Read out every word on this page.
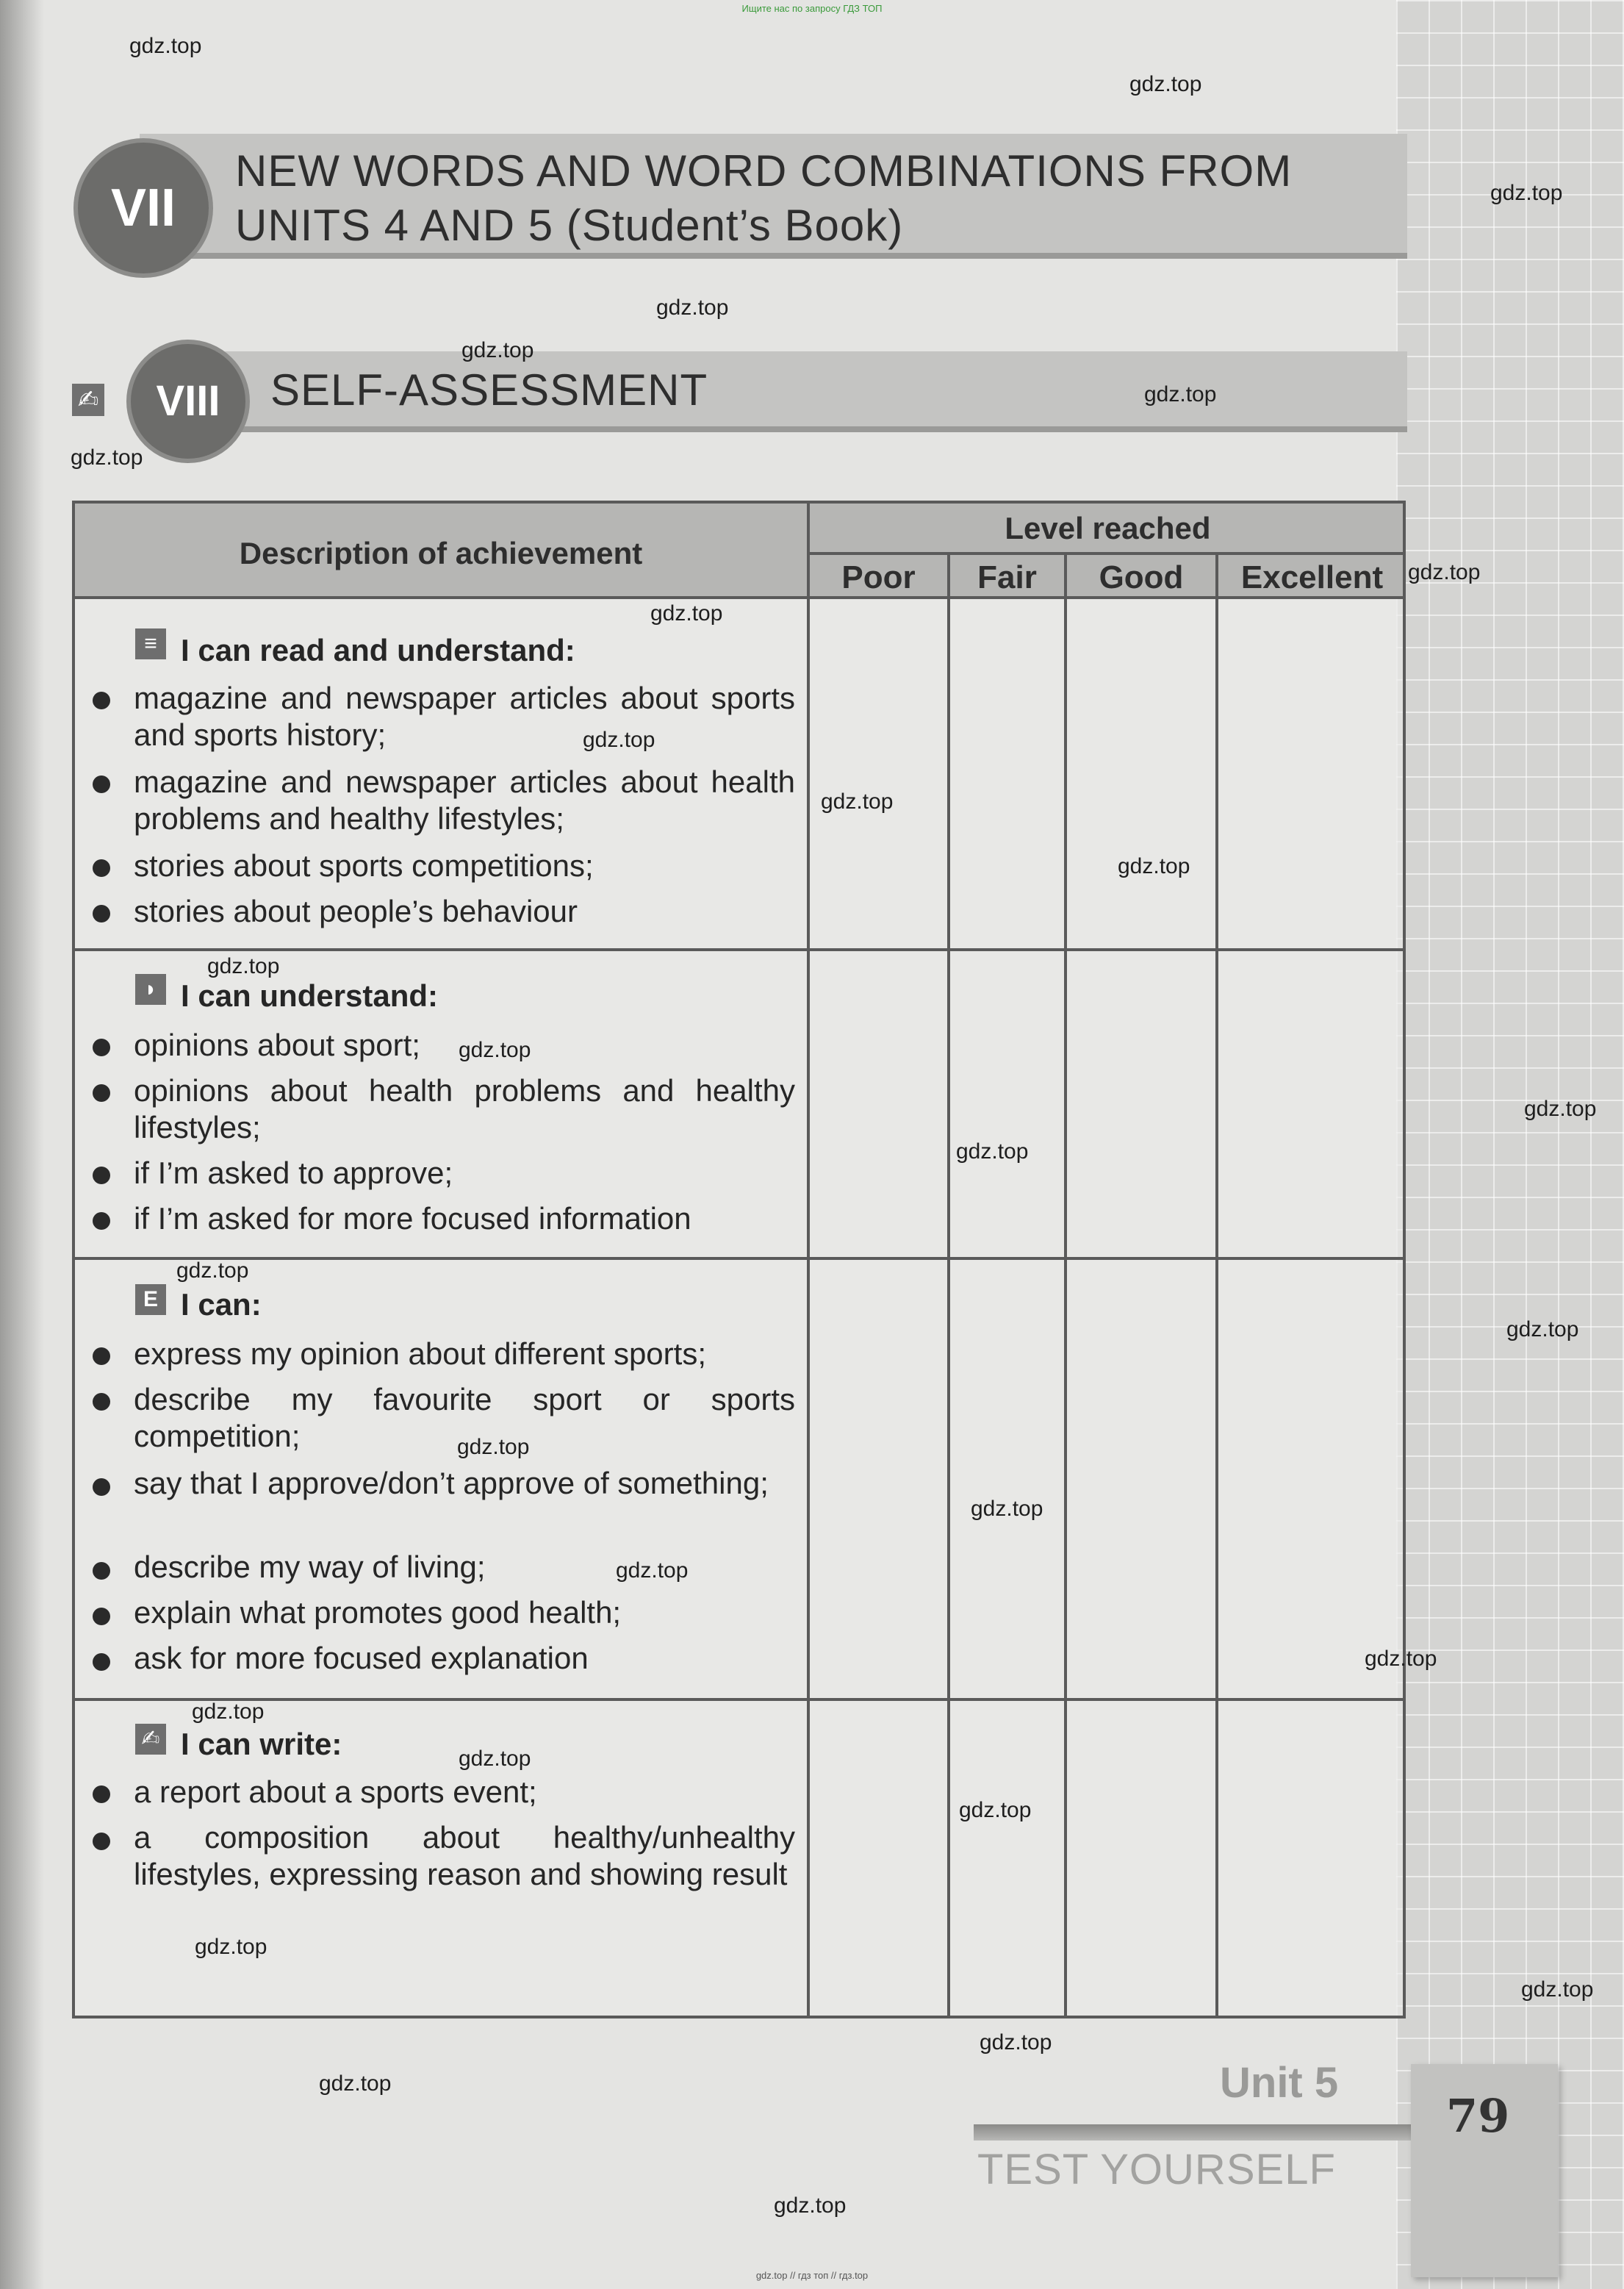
Ищите нас по запросу ГДЗ ТОП
VII
NEW WORDS AND WORD COMBINATIONS FROM
UNITS 4 AND 5 (Student’s Book)
✍	VIII	SELF-ASSESSMENT
Description of achievement
Level reached
Poor	Fair	Good	Excellent
≡ I can read and understand:
magazine and newspaper articles about sports and sports history;
magazine and newspaper articles about health problems and healthy lifestyles;
stories about sports competitions;
stories about people’s behaviour
◗ I can understand:
opinions about sport;
opinions about health problems and healthy lifestyles;
if I’m asked to approve;
if I’m asked for more focused information
E I can:
express my opinion about different sports;
describe my favourite sport or sports competition;
say that I approve/don’t approve of something;
describe my way of living;
explain what promotes good health;
ask for more focused explanation
✍ I can write:
a report about a sports event;
a composition about healthy/unhealthy lifestyles, expressing reason and showing result
Unit 5
TEST YOURSELF
79
gdz.top
gdz.top
gdz.top
gdz.top
gdz.top
gdz.top
gdz.top
gdz.top
gdz.top
gdz.top
gdz.top
gdz.top
gdz.top
gdz.top
gdz.top
gdz.top
gdz.top
gdz.top
gdz.top
gdz.top
gdz.top
gdz.top
gdz.top
gdz.top
gdz.top
gdz.top
gdz.top
gdz.top
gdz.top
gdz.top
gdz.top // гдз топ // гдз.top
